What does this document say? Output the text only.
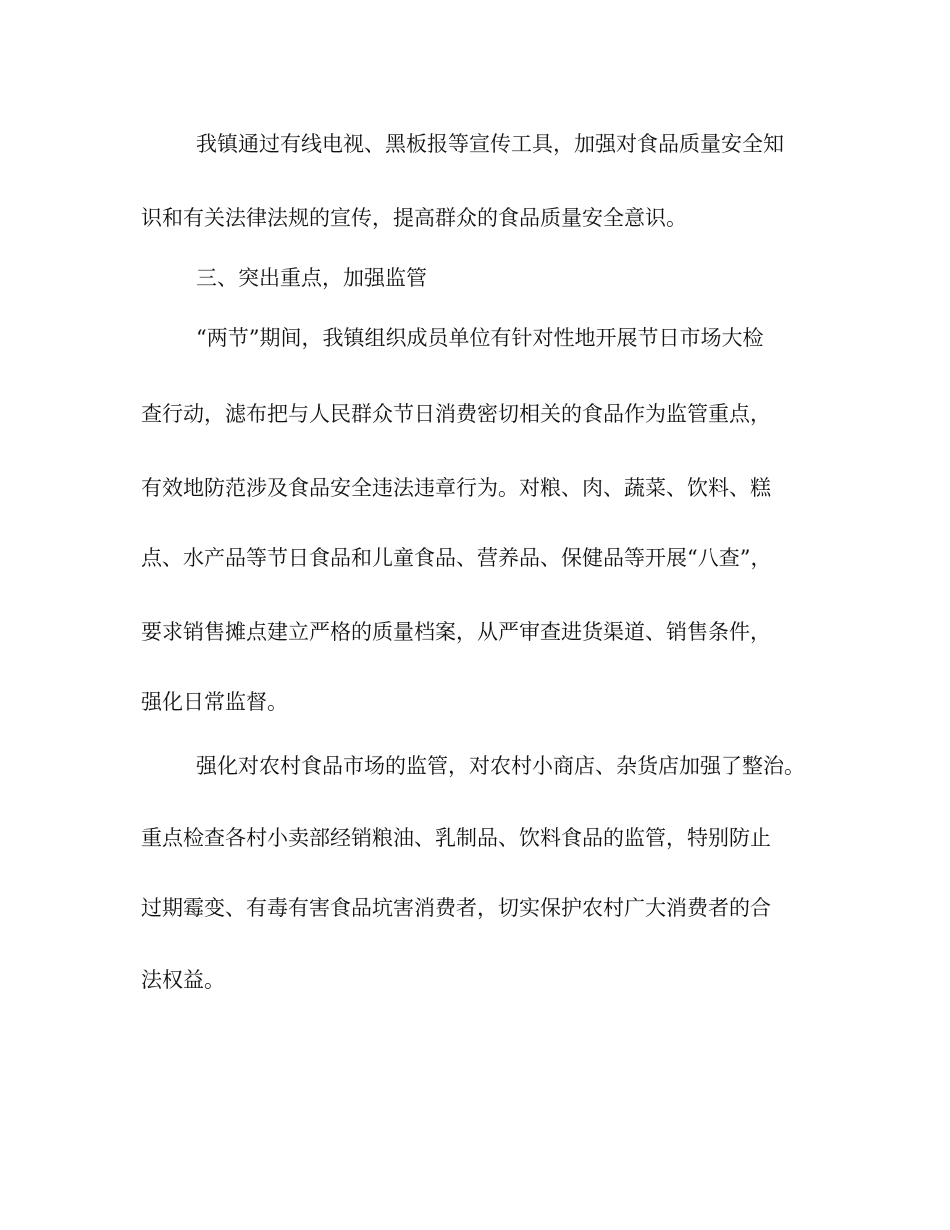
我镇通过有线电视、黑板报等宣传工具，加强对食品质量安全知
识和有关法律法规的宣传，提高群众的食品质量安全意识。
三、突出重点，加强监管
“两节”期间，我镇组织成员单位有针对性地开展节日市场大检
查行动，滤布把与人民群众节日消费密切相关的食品作为监管重点，
有效地防范涉及食品安全违法违章行为。对粮、肉、蔬菜、饮料、糕
点、水产品等节日食品和儿童食品、营养品、保健品等开展“八查”，
要求销售摊点建立严格的质量档案，从严审查进货渠道、销售条件，
强化日常监督。
强化对农村食品市场的监管，对农村小商店、杂货店加强了整治。
重点检查各村小卖部经销粮油、乳制品、饮料食品的监管，特别防止
过期霉变、有毒有害食品坑害消费者，切实保护农村广大消费者的合
法权益。
